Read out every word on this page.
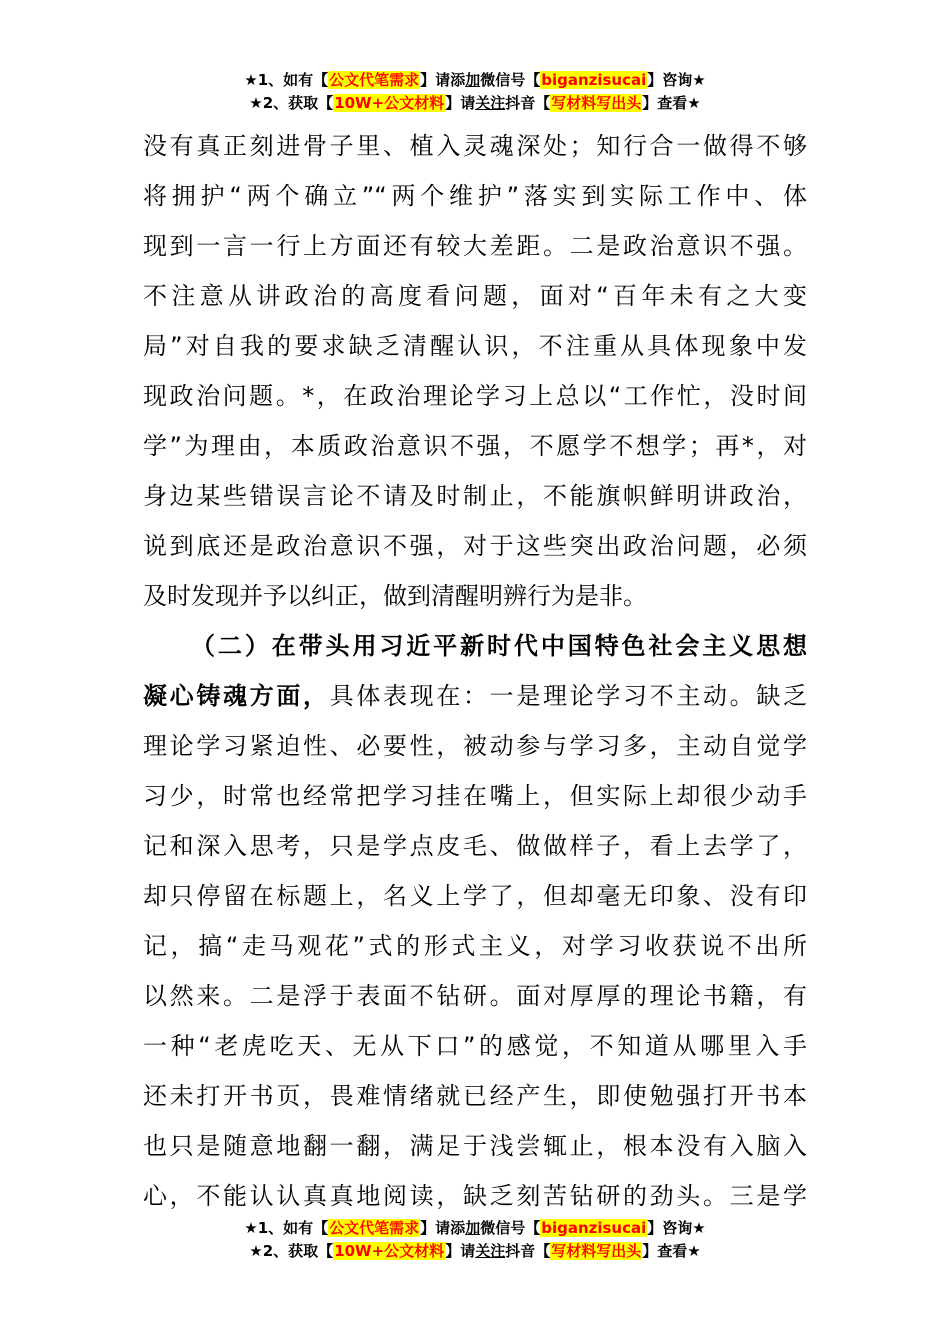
★1、如有【公文代笔需求】请添加微信号【biganzisucai】咨询★
★2、获取【10W+公文材料】请关注抖音【写材料写出头】查看★

没有真正刻进骨子里、植入灵魂深处；知行合一做得不够
将拥护“两个确立”“两个维护”落实到实际工作中、体
现到一言一行上方面还有较大差距。二是政治意识不强。
不注意从讲政治的高度看问题，面对“百年未有之大变
局”对自我的要求缺乏清醒认识，不注重从具体现象中发
现政治问题。*，在政治理论学习上总以“工作忙，没时间
学”为理由，本质政治意识不强，不愿学不想学；再*，对
身边某些错误言论不请及时制止，不能旗帜鲜明讲政治，
说到底还是政治意识不强，对于这些突出政治问题，必须
及时发现并予以纠正，做到清醒明辨行为是非。

（二）在带头用习近平新时代中国特色社会主义思想
凝心铸魂方面，具体表现在：一是理论学习不主动。缺乏
理论学习紧迫性、必要性，被动参与学习多，主动自觉学
习少，时常也经常把学习挂在嘴上，但实际上却很少动手
记和深入思考，只是学点皮毛、做做样子，看上去学了，
却只停留在标题上，名义上学了，但却毫无印象、没有印
记，搞“走马观花”式的形式主义，对学习收获说不出所
以然来。二是浮于表面不钻研。面对厚厚的理论书籍，有
一种“老虎吃天、无从下口”的感觉，不知道从哪里入手
还未打开书页，畏难情绪就已经产生，即使勉强打开书本
也只是随意地翻一翻，满足于浅尝辄止，根本没有入脑入
心，不能认认真真地阅读，缺乏刻苦钻研的劲头。三是学

★1、如有【公文代笔需求】请添加微信号【biganzisucai】咨询★
★2、获取【10W+公文材料】请关注抖音【写材料写出头】查看★
